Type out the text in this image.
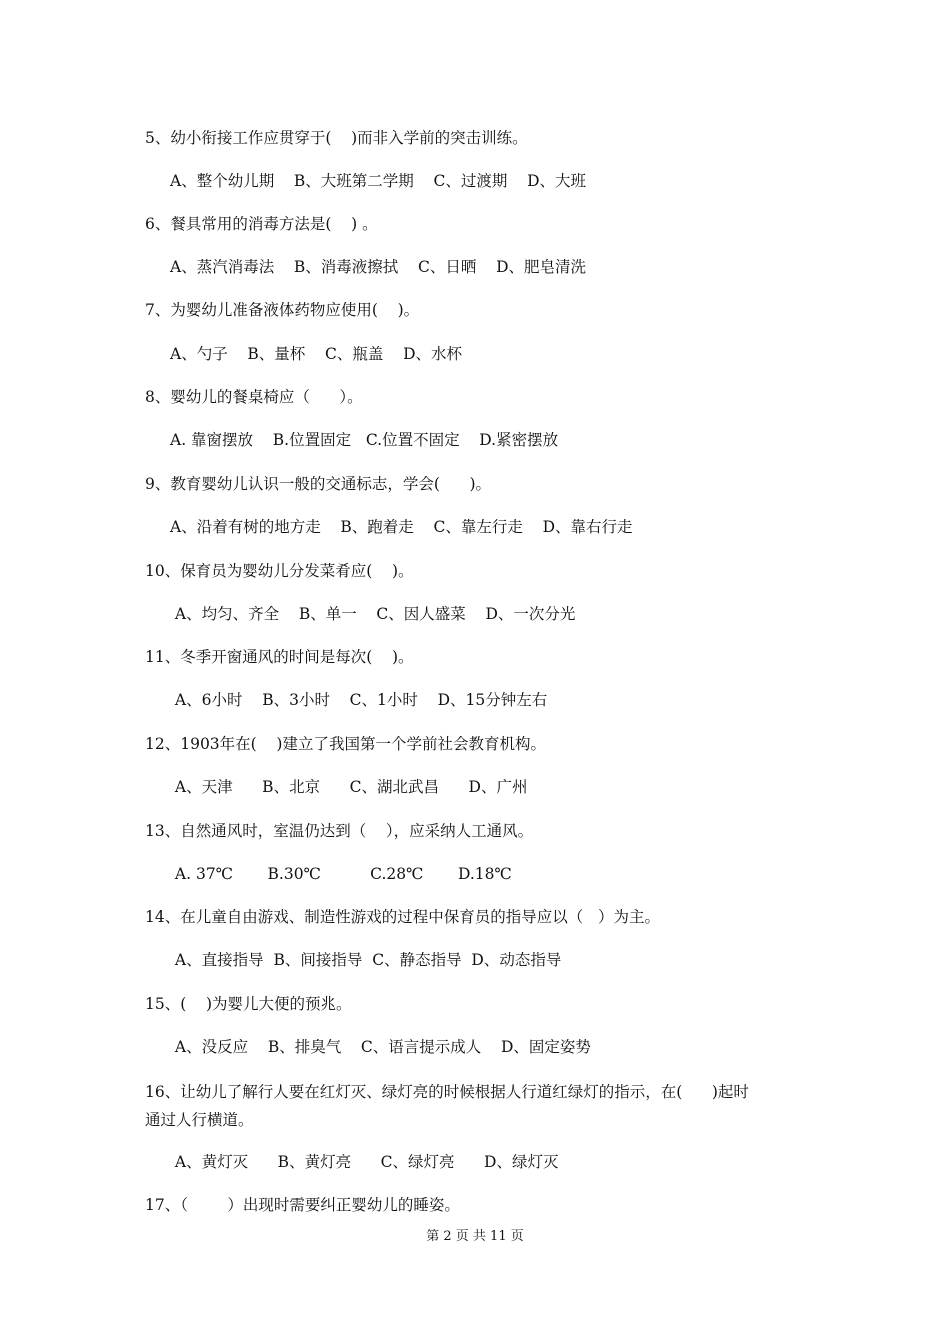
5、幼小衔接工作应贯穿于(    )而非入学前的突击训练。
A、整个幼儿期    B、大班第二学期    C、过渡期    D、大班
6、餐具常用的消毒方法是(    ) 。
A、蒸汽消毒法    B、消毒液擦拭    C、日晒    D、肥皂清洗
7、为婴幼儿准备液体药物应使用(    )。
A、勺子    B、量杯    C、瓶盖    D、水杯
8、婴幼儿的餐桌椅应（      ）。
A. 靠窗摆放    B.位置固定   C.位置不固定    D.紧密摆放
9、教育婴幼儿认识一般的交通标志，学会(      )。
A、沿着有树的地方走    B、跑着走    C、靠左行走    D、靠右行走
10、保育员为婴幼儿分发菜肴应(    )。
A、均匀、齐全    B、单一    C、因人盛菜    D、一次分光
11、冬季开窗通风的时间是每次(    )。
A、6小时    B、3小时    C、1小时    D、15分钟左右
12、1903年在(    )建立了我国第一个学前社会教育机构。
A、天津      B、北京      C、湖北武昌      D、广州
13、自然通风时，室温仍达到（    ），应采纳人工通风。
A. 37℃       B.30℃          C.28℃       D.18℃
14、在儿童自由游戏、制造性游戏的过程中保育员的指导应以（   ）为主。
A、直接指导  B、间接指导  C、静态指导  D、动态指导
15、(    )为婴儿大便的预兆。
A、没反应    B、排臭气    C、语言提示成人    D、固定姿势
16、让幼儿了解行人要在红灯灭、绿灯亮的时候根据人行道红绿灯的指示，在(      )起时
通过人行横道。
A、黄灯灭      B、黄灯亮      C、绿灯亮      D、绿灯灭
17、（        ）出现时需要纠正婴幼儿的睡姿。
第 2 页 共 11 页
